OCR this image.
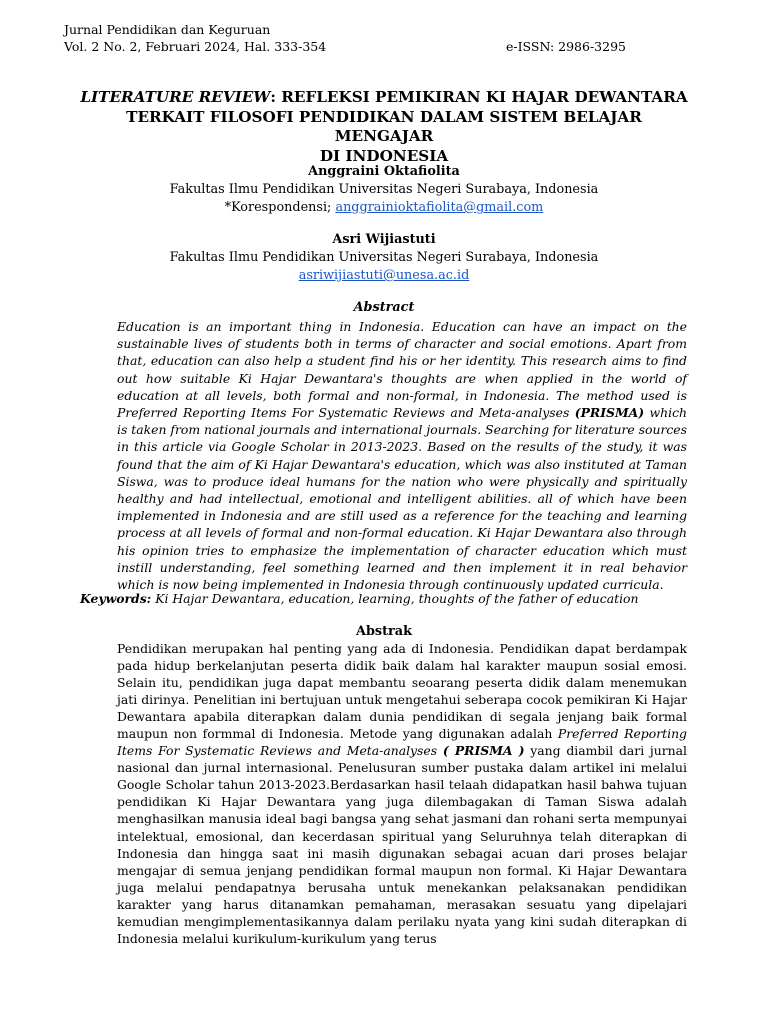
Jurnal Pendidikan dan Keguruan
Vol. 2 No. 2, Februari 2024, Hal. 333-354	e-ISSN: 2986-3295
LITERATURE REVIEW: REFLEKSI PEMIKIRAN KI HAJAR DEWANTARA
TERKAIT FILOSOFI PENDIDIKAN DALAM SISTEM BELAJAR MENGAJAR
DI INDONESIA
Anggraini Oktafiolita
Fakultas Ilmu Pendidikan Universitas Negeri Surabaya, Indonesia
*Korespondensi; anggrainioktafiolita@gmail.com
Asri Wijiastuti
Fakultas Ilmu Pendidikan Universitas Negeri Surabaya, Indonesia
asriwijiastuti@unesa.ac.id
Abstract
Education is an important thing in Indonesia. Education can have an impact on the sustainable lives of students both in terms of character and social emotions. Apart from that, education can also help a student find his or her identity. This research aims to find out how suitable Ki Hajar Dewantara's thoughts are when applied in the world of education at all levels, both formal and non-formal, in Indonesia. The method used is Preferred Reporting Items For Systematic Reviews and Meta-analyses (PRISMA) which is taken from national journals and international journals. Searching for literature sources in this article via Google Scholar in 2013-2023. Based on the results of the study, it was found that the aim of Ki Hajar Dewantara's education, which was also instituted at Taman Siswa, was to produce ideal humans for the nation who were physically and spiritually healthy and had intellectual, emotional and intelligent abilities. all of which have been implemented in Indonesia and are still used as a reference for the teaching and learning process at all levels of formal and non-formal education. Ki Hajar Dewantara also through his opinion tries to emphasize the implementation of character education which must instill understanding, feel something learned and then implement it in real behavior which is now being implemented in Indonesia through continuously updated curricula.
Keywords: Ki Hajar Dewantara, education, learning, thoughts of the father of education
Abstrak
Pendidikan merupakan hal penting yang ada di Indonesia. Pendidikan dapat berdampak pada hidup berkelanjutan peserta didik baik dalam hal karakter maupun sosial emosi. Selain itu, pendidikan juga dapat membantu seoarang peserta didik dalam menemukan jati dirinya. Penelitian ini bertujuan untuk mengetahui seberapa cocok pemikiran Ki Hajar Dewantara apabila diterapkan dalam dunia pendidikan di segala jenjang baik formal maupun non formmal di Indonesia. Metode yang digunakan adalah Preferred Reporting Items For Systematic Reviews and Meta-analyses ( PRISMA ) yang diambil dari jurnal nasional dan jurnal internasional. Penelusuran sumber pustaka dalam artikel ini melalui Google Scholar tahun 2013-2023.Berdasarkan hasil telaah didapatkan hasil bahwa tujuan pendidikan Ki Hajar Dewantara yang juga dilembagakan di Taman Siswa adalah menghasilkan manusia ideal bagi bangsa yang sehat jasmani dan rohani serta mempunyai intelektual, emosional, dan kecerdasan spiritual yang Seluruhnya telah diterapkan di Indonesia dan hingga saat ini masih digunakan sebagai acuan dari proses belajar mengajar di semua jenjang pendidikan formal maupun non formal. Ki Hajar Dewantara juga melalui pendapatnya berusaha untuk menekankan pelaksanakan pendidikan karakter yang harus ditanamkan pemahaman, merasakan sesuatu yang dipelajari kemudian mengimplementasikannya dalam perilaku nyata yang kini sudah diterapkan di Indonesia melalui kurikulum-kurikulum yang terus
